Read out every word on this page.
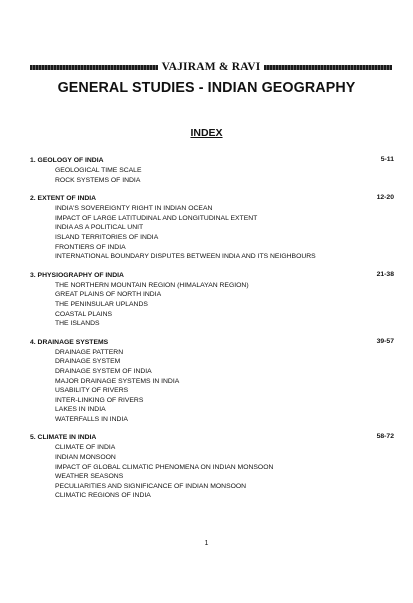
VAJIRAM & RAVI
GENERAL STUDIES - INDIAN GEOGRAPHY
INDEX
1. GEOLOGY OF INDIA	5-11
GEOLOGICAL TIME SCALE
ROCK SYSTEMS OF INDIA
2. EXTENT OF INDIA	12-20
INDIA'S SOVEREIGNTY RIGHT IN INDIAN OCEAN
IMPACT OF LARGE LATITUDINAL AND LONGITUDINAL EXTENT
INDIA AS A POLITICAL UNIT
ISLAND TERRITORIES OF INDIA
FRONTIERS OF INDIA
INTERNATIONAL BOUNDARY DISPUTES BETWEEN INDIA AND ITS NEIGHBOURS
3. PHYSIOGRAPHY OF INDIA	21-38
THE NORTHERN MOUNTAIN REGION (HIMALAYAN REGION)
GREAT PLAINS OF NORTH INDIA
THE PENINSULAR UPLANDS
COASTAL PLAINS
THE ISLANDS
4. DRAINAGE SYSTEMS	39-57
DRAINAGE PATTERN
DRAINAGE SYSTEM
DRAINAGE SYSTEM OF INDIA
MAJOR DRAINAGE SYSTEMS IN INDIA
USABILITY OF RIVERS
INTER-LINKING OF RIVERS
LAKES IN INDIA
WATERFALLS IN INDIA
5. CLIMATE IN INDIA	58-72
CLIMATE OF INDIA
INDIAN MONSOON
IMPACT OF GLOBAL CLIMATIC PHENOMENA ON INDIAN MONSOON
WEATHER SEASONS
PECULIARITIES AND SIGNIFICANCE OF INDIAN MONSOON
CLIMATIC REGIONS OF INDIA
1
